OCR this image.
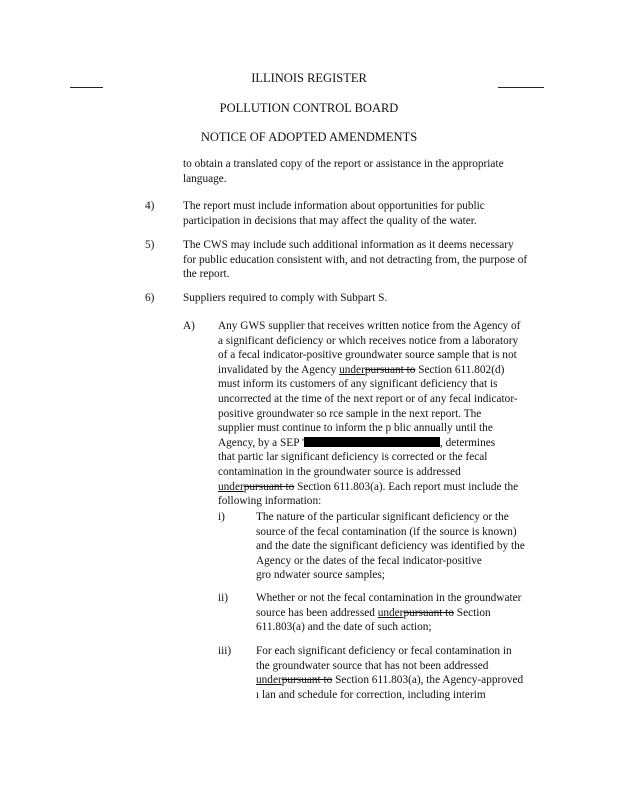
ILLINOIS REGISTER
POLLUTION CONTROL BOARD
NOTICE OF ADOPTED AMENDMENTS
to obtain a translated copy of the report or assistance in the appropriate
language.
4)	The report must include information about opportunities for public
participation in decisions that may affect the quality of the water.
5)	The CWS may include such additional information as it deems necessary
for public education consistent with, and not detracting from, the purpose of
the report.
6)	Suppliers required to comply with Subpart S.
A) Any GWS supplier that receives written notice from the Agency of
a significant deficiency or which receives notice from a laboratory
of a fecal indicator-positive groundwater source sample that is not
invalidated by the Agency underpursuant to Section 611.802(d)
must inform its customers of any significant deficiency that is
uncorrected at the time of the next report or of any fecal indicator-
positive groundwater so rce sample in the next report. The
supplier must continue to inform the p blic annually until the
Agency, by a SEP '	, determines
that partic lar significant deficiency is corrected or the fecal
contamination in the groundwater source is addressed
underpursuant to Section 611.803(a). Each report must include the
following information:
i)	The nature of the particular significant deficiency or the
source of the fecal contamination (if the source is known)
and the date the significant deficiency was identified by the
Agency or the dates of the fecal indicator-positive
gro ndwater source samples;
ii) Whether or not the fecal contamination in the groundwater
source has been addressed underpursuant to Section
611.803(a) and the date of such action;
iii) For each significant deficiency or fecal contamination in
the groundwater source that has not been addressed
underpursuant to Section 611.803(a), the Agency-approved
ı lan and schedule for correction, including interim
